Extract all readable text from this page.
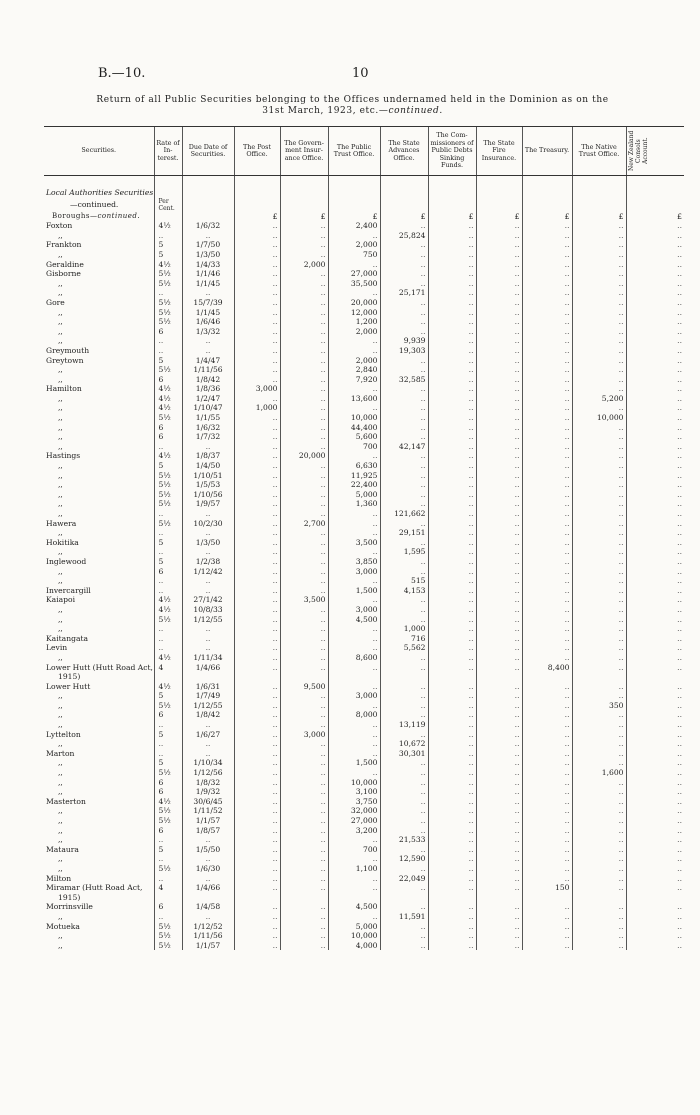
B.—10.	10
Return of all Public Securities belonging to the Offices undernamed held in the Dominion as on the
31st March, 1923, etc.—continued.
Securities.	Rate of In-terest.	Due Date of Securities.	The Post Office.	The Govern-ment Insur-ance Office.	The Public Trust Office.	The State Advances Office.	The Com-missioners of Public Debts Sinking Funds.	The State Fire Insurance.	The Treasury.	The Native Trust Office.	New Zealand Consols Account.

Local Authorities Securities											
—continued.	Per Cent.										
Boroughs—continued.			£	£	£	£	£	£	£	£	£
Foxton	4½	1/6/32	..	..	2,400	..	..	..	..	..	..
,,	..	..	..	..	..	25,824	..	..	..	..	..
Frankton	5	1/7/50	..	..	2,000	..	..	..	..	..	..
,,	5	1/3/50	..	..	750	..	..	..	..	..	..
Geraldine	4½	1/4/33	..	2,000	..	..	..	..	..	..	..
Gisborne	5½	1/1/46	..	..	27,000	..	..	..	..	..	..
,,	5½	1/1/45	..	..	35,500	..	..	..	..	..	..
,,	..	..	..	..	..	25,171	..	..	..	..	..
Gore	5½	15/7/39	..	..	20,000	..	..	..	..	..	..
,,	5½	1/1/45	..	..	12,000	..	..	..	..	..	..
,,	5½	1/6/46	..	..	1,200	..	..	..	..	..	..
,,	6	1/3/32	..	..	2,000	..	..	..	..	..	..
,,	..	..	..	..	..	9,939	..	..	..	..	..
Greymouth	..	..	..	..	..	19,303	..	..	..	..	..
Greytown	5	1/4/47	..	..	2,000	..	..	..	..	..	..
,,	5½	1/11/56	..	..	2,840	..	..	..	..	..	..
,,	6	1/8/42	..	..	7,920	32,585	..	..	..	..	..
Hamilton	4½	1/8/36	3,000	..	..	..	..	..	..	..	..
,,	4½	1/2/47	..	..	13,600	..	..	..	..	5,200	..
,,	4½	1/10/47	1,000	..	..	..	..	..	..	..	..
,,	5½	1/1/55	..	..	10,000	..	..	..	..	10,000	..
,,	6	1/6/32	..	..	44,400	..	..	..	..	..	..
,,	6	1/7/32	..	..	5,600	..	..	..	..	..	..
,,	..	..	..	..	700	42,147	..	..	..	..	..
Hastings	4½	1/8/37	..	20,000	..	..	..	..	..	..	..
,,	5	1/4/50	..	..	6,630	..	..	..	..	..	..
,,	5½	1/10/51	..	..	11,925	..	..	..	..	..	..
,,	5½	1/5/53	..	..	22,400	..	..	..	..	..	..
,,	5½	1/10/56	..	..	5,000	..	..	..	..	..	..
,,	5½	1/9/57	..	..	1,360	..	..	..	..	..	..
,,	..	..	..	..	..	121,662	..	..	..	..	..
Hawera	5½	10/2/30	..	2,700	..	..	..	..	..	..	..
,,	..	..	..	..	..	29,151	..	..	..	..	..
Hokitika	5	1/3/50	..	..	3,500	..	..	..	..	..	..
,,	..	..	..	..	..	1,595	..	..	..	..	..
Inglewood	5	1/2/38	..	..	3,850	..	..	..	..	..	..
,,	6	1/12/42	..	..	3,000	..	..	..	..	..	..
,,	..	..	..	..	..	515	..	..	..	..	..
Invercargill	..	..	..	..	1,500	4,153	..	..	..	..	..
Kaiapoi	4½	27/1/42	..	3,500	..	..	..	..	..	..	..
,,	4½	10/8/33	..	..	3,000	..	..	..	..	..	..
,,	5½	1/12/55	..	..	4,500	..	..	..	..	..	..
,,	..	..	..	..	..	1,000	..	..	..	..	..
Kaitangata	..	..	..	..	..	716	..	..	..	..	..
Levin	..	..	..	..	..	5,562	..	..	..	..	..
,,	4½	1/11/34	..	..	8,600	..	..	..	..	..	..
Lower Hutt (Hutt Road Act,	4	1/4/66	..	..	..	..	..	..	8,400	..	..
1915)											
Lower Hutt	4½	1/6/31	..	9,500	..	..	..	..	..	..	..
,,	5	1/7/49	..	..	3,000	..	..	..	..	..	..
,,	5½	1/12/55	..	..	..	..	..	..	..	350	..
,,	6	1/8/42	..	..	8,000	..	..	..	..	..	..
,,	..	..	..	..	..	13,119	..	..	..	..	..
Lyttelton	5	1/6/27	..	3,000	..	..	..	..	..	..	..
,,	..	..	..	..	..	10,672	..	..	..	..	..
Marton	..	..	..	..	..	30,301	..	..	..	..	..
,,	5	1/10/34	..	..	1,500	..	..	..	..	..	..
,,	5½	1/12/56	..	..	..	..	..	..	..	1,600	..
,,	6	1/8/32	..	..	10,000	..	..	..	..	..	..
,,	6	1/9/32	..	..	3,100	..	..	..	..	..	..
Masterton	4½	30/6/45	..	..	3,750	..	..	..	..	..	..
,,	5½	1/11/52	..	..	32,000	..	..	..	..	..	..
,,	5½	1/1/57	..	..	27,000	..	..	..	..	..	..
,,	6	1/8/57	..	..	3,200	..	..	..	..	..	..
,,	..	..	..	..	..	21,533	..	..	..	..	..
Mataura	5	1/5/50	..	..	700	..	..	..	..	..	..
,,	..	..	..	..	..	12,590	..	..	..	..	..
,,	5½	1/6/30	..	..	1,100	..	..	..	..	..	..
Milton	..	..	..	..	..	22,049	..	..	..	..	..
Miramar (Hutt Road Act,	4	1/4/66	..	..	..	..	..	..	150	..	..
1915)											
Morrinsville	6	1/4/58	..	..	4,500	..	..	..	..	..	..
,,	..	..	..	..	..	11,591	..	..	..	..	..
Motueka	5½	1/12/52	..	..	5,000	..	..	..	..	..	..
,,	5½	1/11/56	..	..	10,000	..	..	..	..	..	..
,,	5½	1/1/57	..	..	4,000	..	..	..	..	..	..
